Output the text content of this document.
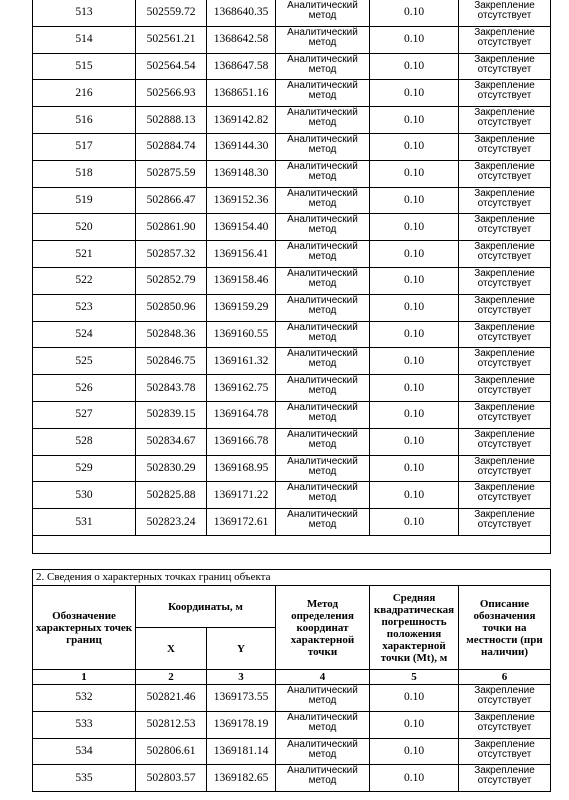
513	502559.72	1368640.35	Аналитический метод	0.10	Закрепление отсутствует
514	502561.21	1368642.58	Аналитический метод	0.10	Закрепление отсутствует
515	502564.54	1368647.58	Аналитический метод	0.10	Закрепление отсутствует
216	502566.93	1368651.16	Аналитический метод	0.10	Закрепление отсутствует
516	502888.13	1369142.82	Аналитический метод	0.10	Закрепление отсутствует
517	502884.74	1369144.30	Аналитический метод	0.10	Закрепление отсутствует
518	502875.59	1369148.30	Аналитический метод	0.10	Закрепление отсутствует
519	502866.47	1369152.36	Аналитический метод	0.10	Закрепление отсутствует
520	502861.90	1369154.40	Аналитический метод	0.10	Закрепление отсутствует
521	502857.32	1369156.41	Аналитический метод	0.10	Закрепление отсутствует
522	502852.79	1369158.46	Аналитический метод	0.10	Закрепление отсутствует
523	502850.96	1369159.29	Аналитический метод	0.10	Закрепление отсутствует
524	502848.36	1369160.55	Аналитический метод	0.10	Закрепление отсутствует
525	502846.75	1369161.32	Аналитический метод	0.10	Закрепление отсутствует
526	502843.78	1369162.75	Аналитический метод	0.10	Закрепление отсутствует
527	502839.15	1369164.78	Аналитический метод	0.10	Закрепление отсутствует
528	502834.67	1369166.78	Аналитический метод	0.10	Закрепление отсутствует
529	502830.29	1369168.95	Аналитический метод	0.10	Закрепление отсутствует
530	502825.88	1369171.22	Аналитический метод	0.10	Закрепление отсутствует
531	502823.24	1369172.61	Аналитический метод	0.10	Закрепление отсутствует

2. Сведения о характерных точках границ объекта					
Обозначение характерных точек границ	Координаты, м		Метод определения координат характерной точки	Средняя квадратическая погрешность положения характерной точки (Mt), м	Описание обозначения точки на местности (при наличии)
	X	Y			
1	2	3	4	5	6
532	502821.46	1369173.55	Аналитический метод	0.10	Закрепление отсутствует
533	502812.53	1369178.19	Аналитический метод	0.10	Закрепление отсутствует
534	502806.61	1369181.14	Аналитический метод	0.10	Закрепление отсутствует
535	502803.57	1369182.65	Аналитический метод	0.10	Закрепление отсутствует
